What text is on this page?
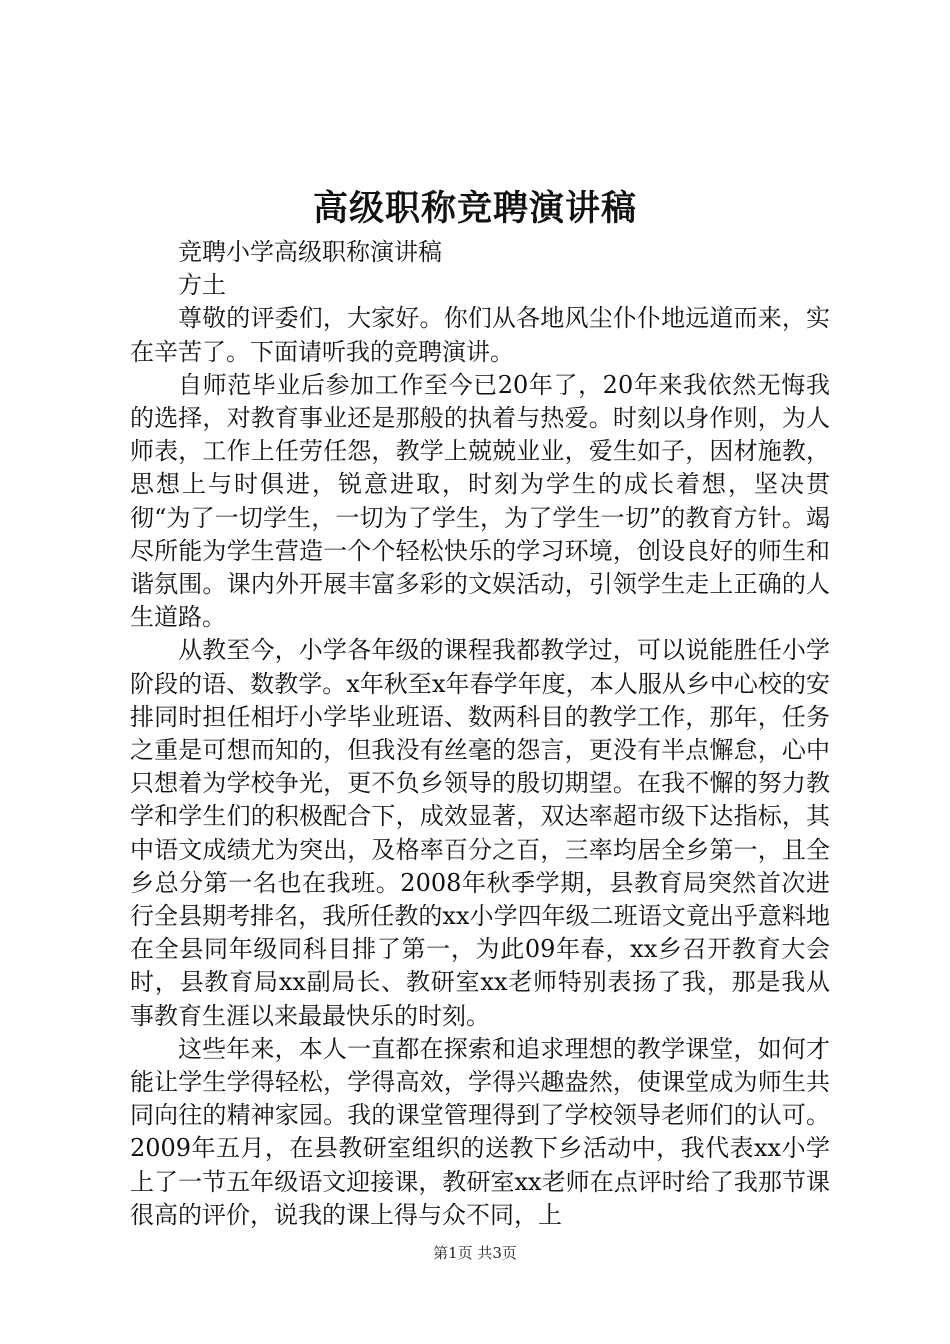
高级职称竞聘演讲稿

竞聘小学高级职称演讲稿

方土

尊敬的评委们，大家好。你们从各地风尘仆仆地远道而来，实在辛苦了。下面请听我的竞聘演讲。

自师范毕业后参加工作至今已20年了，20年来我依然无悔我的选择，对教育事业还是那般的执着与热爱。时刻以身作则，为人师表，工作上任劳任怨，教学上兢兢业业，爱生如子，因材施教，思想上与时俱进，锐意进取，时刻为学生的成长着想，坚决贯彻“为了一切学生，一切为了学生，为了学生一切”的教育方针。竭尽所能为学生营造一个个轻松快乐的学习环境，创设良好的师生和谐氛围。课内外开展丰富多彩的文娱活动，引领学生走上正确的人生道路。

从教至今，小学各年级的课程我都教学过，可以说能胜任小学阶段的语、数教学。x年秋至x年春学年度，本人服从乡中心校的安排同时担任相圩小学毕业班语、数两科目的教学工作，那年，任务之重是可想而知的，但我没有丝毫的怨言，更没有半点懈怠，心中只想着为学校争光，更不负乡领导的殷切期望。在我不懈的努力教学和学生们的积极配合下，成效显著，双达率超市级下达指标，其中语文成绩尤为突出，及格率百分之百，三率均居全乡第一，且全乡总分第一名也在我班。2008年秋季学期，县教育局突然首次进行全县期考排名，我所任教的xx小学四年级二班语文竟出乎意料地在全县同年级同科目排了第一，为此09年春，xx乡召开教育大会时，县教育局xx副局长、教研室xx老师特别表扬了我，那是我从事教育生涯以来最最快乐的时刻。

这些年来，本人一直都在探索和追求理想的教学课堂，如何才能让学生学得轻松，学得高效，学得兴趣盎然，使课堂成为师生共同向往的精神家园。我的课堂管理得到了学校领导老师们的认可。2009年五月，在县教研室组织的送教下乡活动中，我代表xx小学上了一节五年级语文迎接课，教研室xx老师在点评时给了我那节课很高的评价，说我的课上得与众不同，上

第1页 共3页
